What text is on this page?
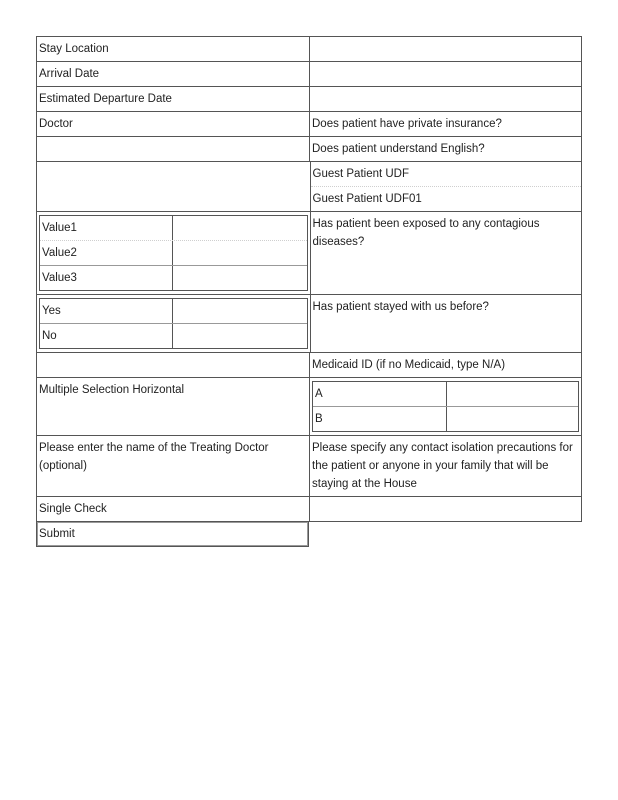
Stay Location
Arrival Date
Estimated Departure Date
Doctor	Does patient have private insurance?
Does patient understand English?
Guest Patient UDF
Guest Patient UDF01
Value1
Value2
Value3
Has patient been exposed to any contagious diseases?
Yes
No
Has patient stayed with us before?
Medicaid ID (if no Medicaid, type N/A)
Multiple Selection Horizontal	A
B
Please enter the name of the Treating Doctor (optional)
Please specify any contact isolation precautions for the patient or anyone in your family that will be staying at the House
Single Check
Submit
